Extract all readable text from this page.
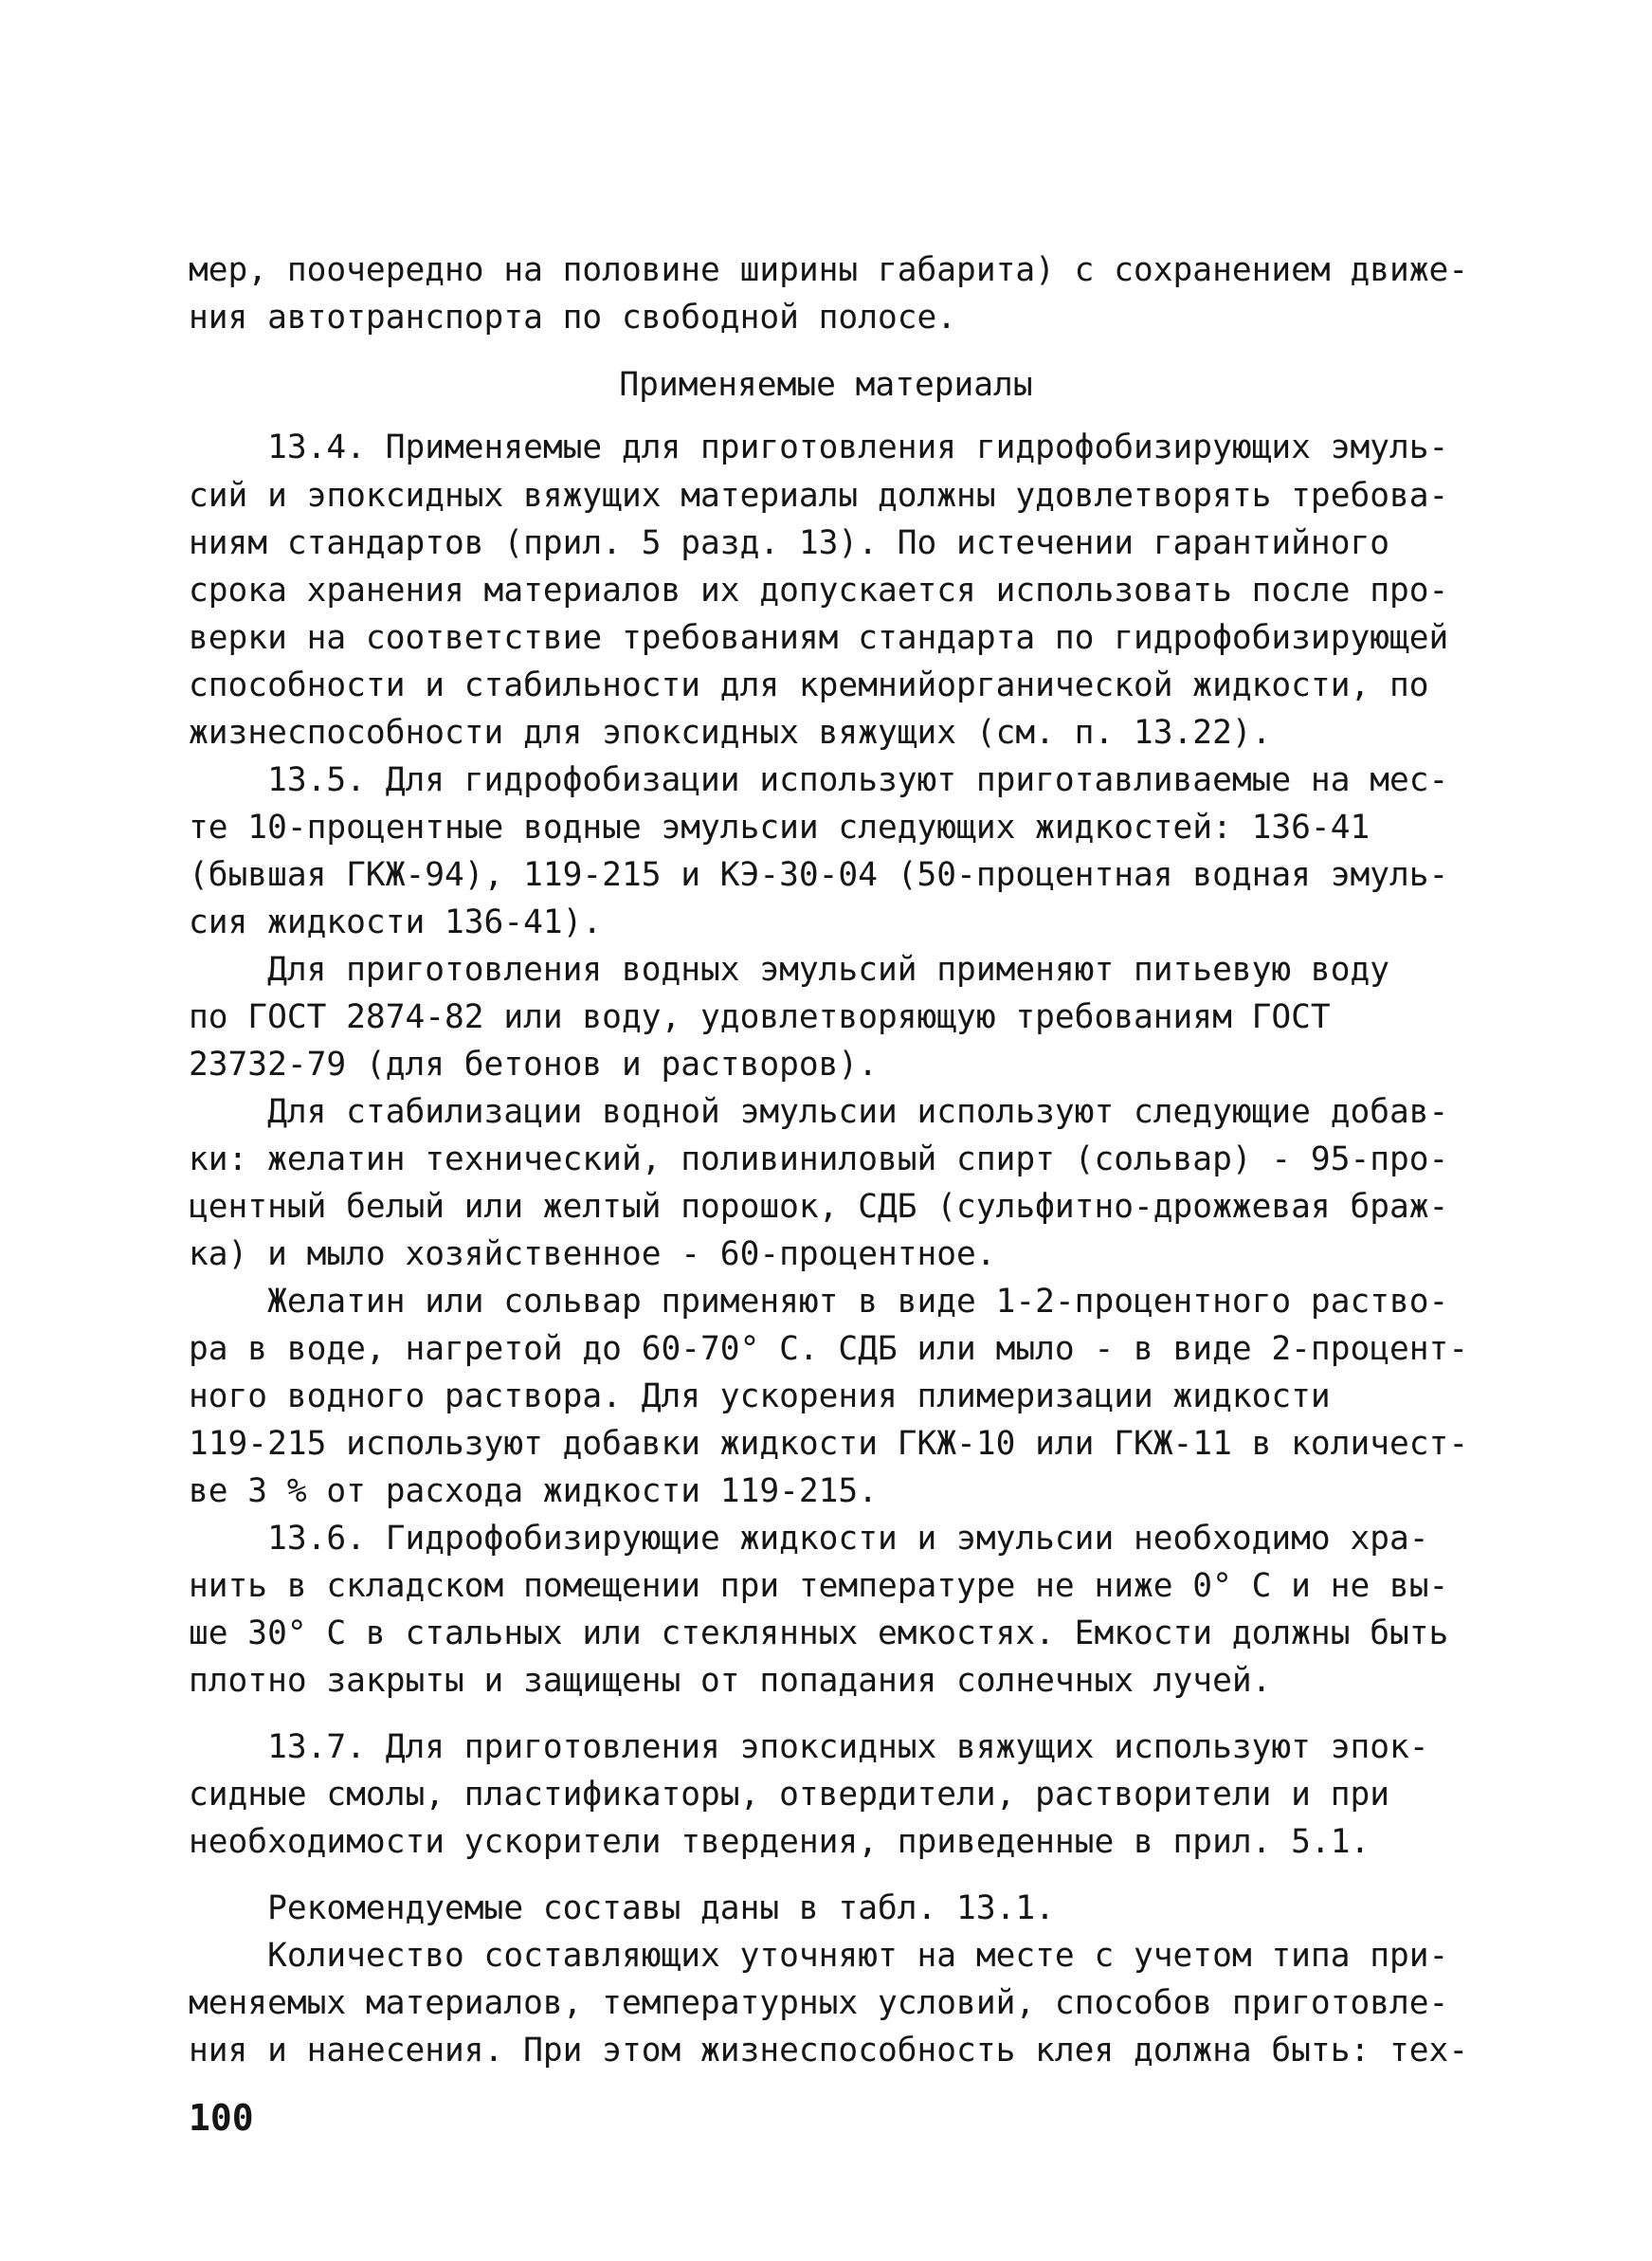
мер, поочередно на половине ширины габарита) с сохранением движе-
ния автотранспорта по свободной полосе.
Применяемые материалы
13.4. Применяемые для приготовления гидрофобизирующих эмуль-
сий и эпоксидных вяжущих материалы должны удовлетворять требова-
ниям стандартов (прил. 5 разд. 13). По истечении гарантийного
срока хранения материалов их допускается использовать после про-
верки на соответствие требованиям стандарта по гидрофобизирующей
способности и стабильности для кремнийорганической жидкости, по
жизнеспособности для эпоксидных вяжущих (см. п. 13.22).
13.5. Для гидрофобизации используют приготавливаемые на мес-
те 10-процентные водные эмульсии следующих жидкостей: 136-41
(бывшая ГКЖ-94), 119-215 и КЭ-30-04 (50-процентная водная эмуль-
сия жидкости 136-41).
Для приготовления водных эмульсий применяют питьевую воду
по ГОСТ 2874-82 или воду, удовлетворяющую требованиям ГОСТ
23732-79 (для бетонов и растворов).
Для стабилизации водной эмульсии используют следующие добав-
ки: желатин технический, поливиниловый спирт (сольвар) - 95-про-
центный белый или желтый порошок, СДБ (сульфитно-дрожжевая браж-
ка) и мыло хозяйственное - 60-процентное.
Желатин или сольвар применяют в виде 1-2-процентного раство-
ра в воде, нагретой до 60-70° С. СДБ или мыло - в виде 2-процент-
ного водного раствора. Для ускорения плимеризации жидкости
119-215 используют добавки жидкости ГКЖ-10 или ГКЖ-11 в количест-
ве 3 % от расхода жидкости 119-215.
13.6. Гидрофобизирующие жидкости и эмульсии необходимо хра-
нить в складском помещении при температуре не ниже 0° С и не вы-
ше 30° С в стальных или стеклянных емкостях. Емкости должны быть
плотно закрыты и защищены от попадания солнечных лучей.
13.7. Для приготовления эпоксидных вяжущих используют эпок-
сидные смолы, пластификаторы, отвердители, растворители и при
необходимости ускорители твердения, приведенные в прил. 5.1.
Рекомендуемые составы даны в табл. 13.1.
Количество составляющих уточняют на месте с учетом типа при-
меняемых материалов, температурных условий, способов приготовле-
ния и нанесения. При этом жизнеспособность клея должна быть: тех-
100
